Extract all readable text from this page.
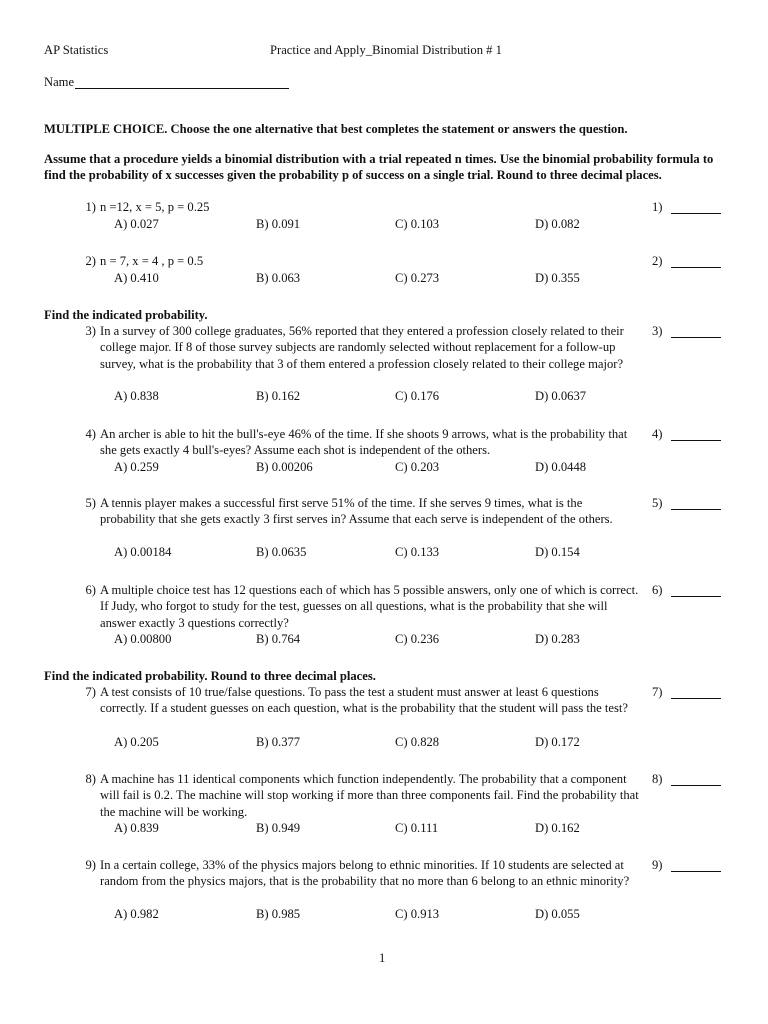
AP Statistics	Practice and Apply_Binomial Distribution # 1
Name
MULTIPLE CHOICE. Choose the one alternative that best completes the statement or answers the question.
Assume that a procedure yields a binomial distribution with a trial repeated n times. Use the binomial probability formula to find the probability of x successes given the probability p of success on a single trial. Round to three decimal places.
1) n =12, x = 5, p = 0.25	1)
A) 0.027	B) 0.091	C) 0.103	D) 0.082
2) n = 7, x = 4 , p = 0.5	2)
A) 0.410	B) 0.063	C) 0.273	D) 0.355
Find the indicated probability.
3) In a survey of 300 college graduates, 56% reported that they entered a profession closely related to their college major. If 8 of those survey subjects are randomly selected without replacement for a follow-up survey, what is the probability that 3 of them entered a profession closely related to their college major?
3)
A) 0.838	B) 0.162	C) 0.176	D) 0.0637
4) An archer is able to hit the bull's-eye 46% of the time. If she shoots 9 arrows, what is the probability that she gets exactly 4 bull's-eyes? Assume each shot is independent of the others.
4)
A) 0.259	B) 0.00206	C) 0.203	D) 0.0448
5) A tennis player makes a successful first serve 51% of the time. If she serves 9 times, what is the probability that she gets exactly 3 first serves in? Assume that each serve is independent of the others.
5)
A) 0.00184	B) 0.0635	C) 0.133	D) 0.154
6) A multiple choice test has 12 questions each of which has 5 possible answers, only one of which is correct. If Judy, who forgot to study for the test, guesses on all questions, what is the probability that she will answer exactly 3 questions correctly?
6)
A) 0.00800	B) 0.764	C) 0.236	D) 0.283
Find the indicated probability. Round to three decimal places.
7) A test consists of 10 true/false questions. To pass the test a student must answer at least 6 questions correctly. If a student guesses on each question, what is the probability that the student will pass the test?
7)
A) 0.205	B) 0.377	C) 0.828	D) 0.172
8) A machine has 11 identical components which function independently. The probability that a component will fail is 0.2. The machine will stop working if more than three components fail. Find the probability that the machine will be working.
8)
A) 0.839	B) 0.949	C) 0.111	D) 0.162
9) In a certain college, 33% of the physics majors belong to ethnic minorities. If 10 students are selected at random from the physics majors, that is the probability that no more than 6 belong to an ethnic minority?
9)
A) 0.982	B) 0.985	C) 0.913	D) 0.055
1
